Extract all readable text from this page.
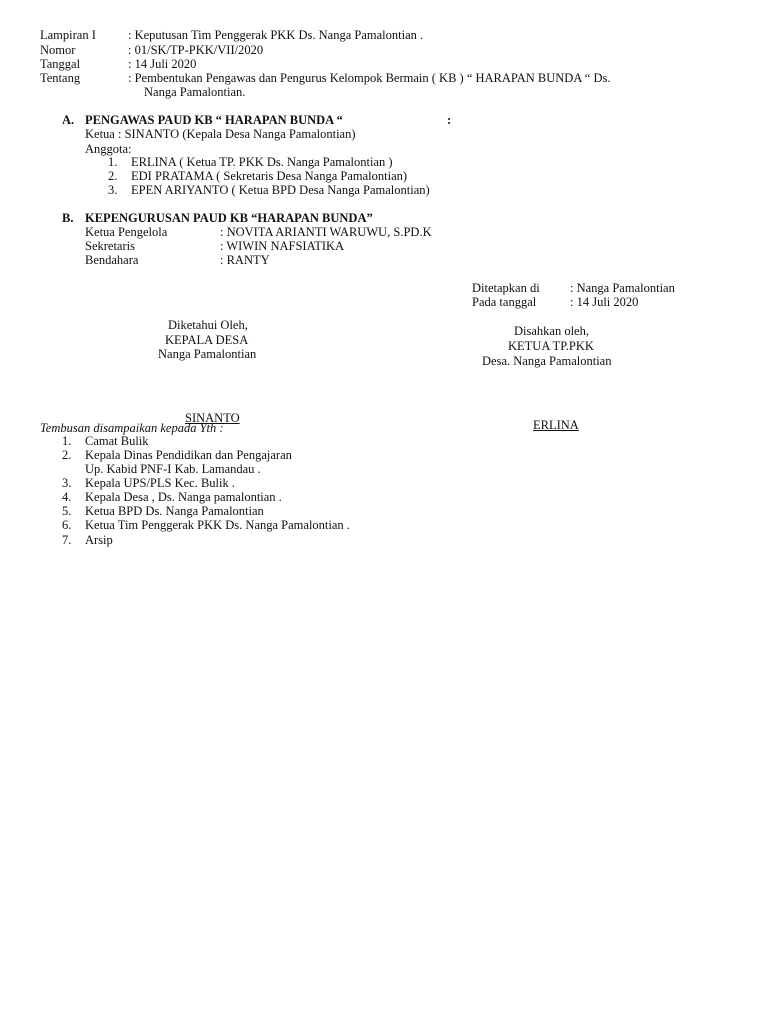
Lampiran I	: Keputusan Tim Penggerak PKK Ds. Nanga Pamalontian .
Nomor	: 01/SK/TP-PKK/VII/2020
Tanggal	: 14 Juli 2020
Tentang	: Pembentukan Pengawas dan Pengurus Kelompok Bermain ( KB ) “ HARAPAN BUNDA “ Ds.
Nanga Pamalontian.
A. PENGAWAS PAUD KB “ HARAPAN BUNDA “	:
Ketua : SINANTO (Kepala Desa Nanga Pamalontian)
Anggota:
1. ERLINA ( Ketua TP. PKK Ds. Nanga Pamalontian )
2. EDI PRATAMA ( Sekretaris Desa Nanga Pamalontian)
3. EPEN ARIYANTO ( Ketua BPD Desa Nanga Pamalontian)
B. KEPENGURUSAN PAUD KB “HARAPAN BUNDA”
Ketua Pengelola	: NOVITA ARIANTI WARUWU, S.PD.K
Sekretaris	: WIWIN NAFSIATIKA
Bendahara	: RANTY
Ditetapkan di : Nanga Pamalontian
Pada tanggal	: 14 Juli 2020
Diketahui Oleh,
KEPALA DESA
Nanga Pamalontian
SINANTO
Disahkan oleh,
KETUA TP.PKK
Desa. Nanga Pamalontian
ERLINA
Tembusan disampaikan kepada Yth :
1. Camat Bulik
2. Kepala Dinas Pendidikan dan Pengajaran
Up. Kabid PNF-I Kab. Lamandau .
3. Kepala UPS/PLS Kec. Bulik .
4. Kepala Desa , Ds. Nanga pamalontian .
5. Ketua BPD Ds. Nanga Pamalontian
6. Ketua Tim Penggerak PKK Ds. Nanga Pamalontian .
7. Arsip
